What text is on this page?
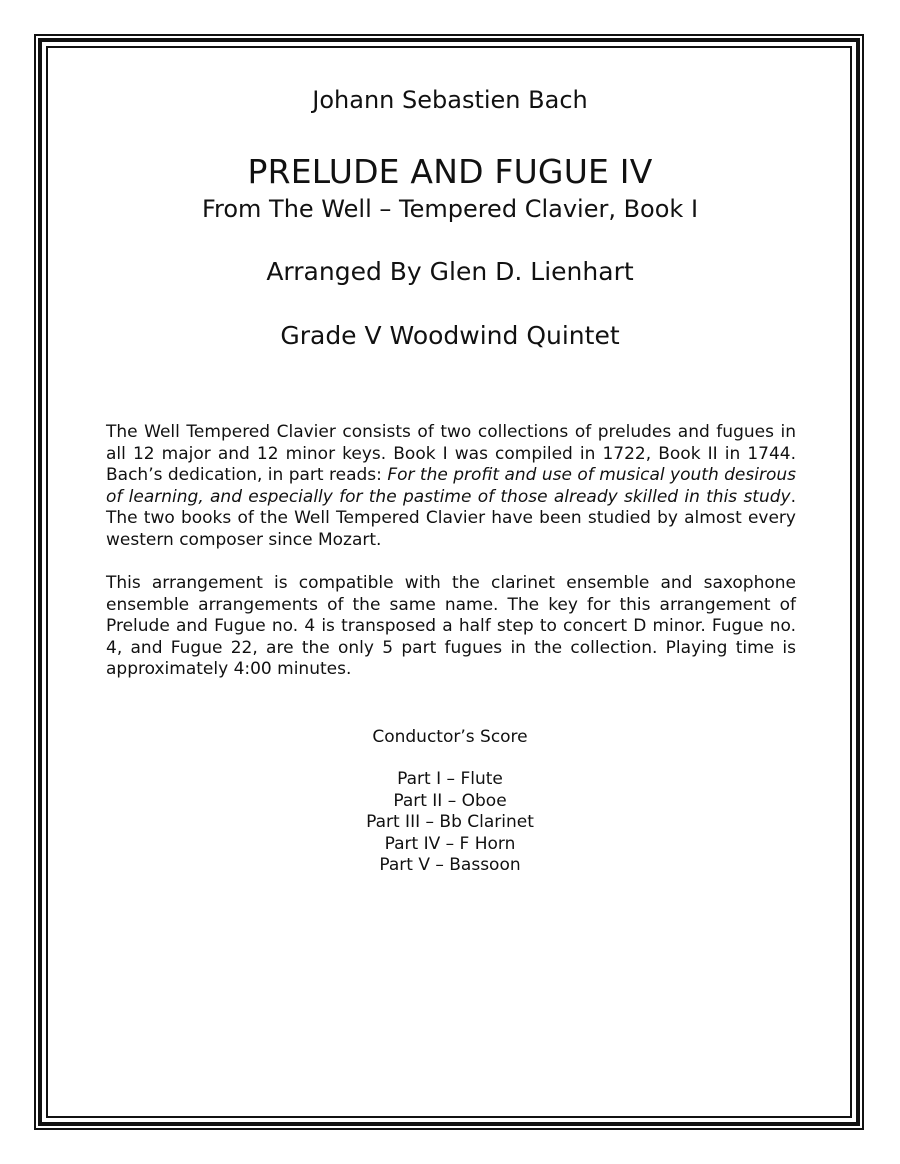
Johann Sebastien Bach
PRELUDE AND FUGUE IV
From The Well – Tempered Clavier, Book I
Arranged By Glen D. Lienhart
Grade V Woodwind Quintet

The Well Tempered Clavier consists of two collections of preludes and fugues in all 12 major and 12 minor keys. Book I was compiled in 1722, Book II in 1744. Bach’s dedication, in part reads: For the profit and use of musical youth desirous of learning, and especially for the pastime of those already skilled in this study. The two books of the Well Tempered Clavier have been studied by almost every western composer since Mozart.

This arrangement is compatible with the clarinet ensemble and saxophone ensemble arrangements of the same name. The key for this arrangement of Prelude and Fugue no. 4 is transposed a half step to concert D minor. Fugue no. 4, and Fugue 22, are the only 5 part fugues in the collection. Playing time is approximately 4:00 minutes.

Conductor’s Score
Part I – Flute
Part II – Oboe
Part III – Bb Clarinet
Part IV – F Horn
Part V – Bassoon
